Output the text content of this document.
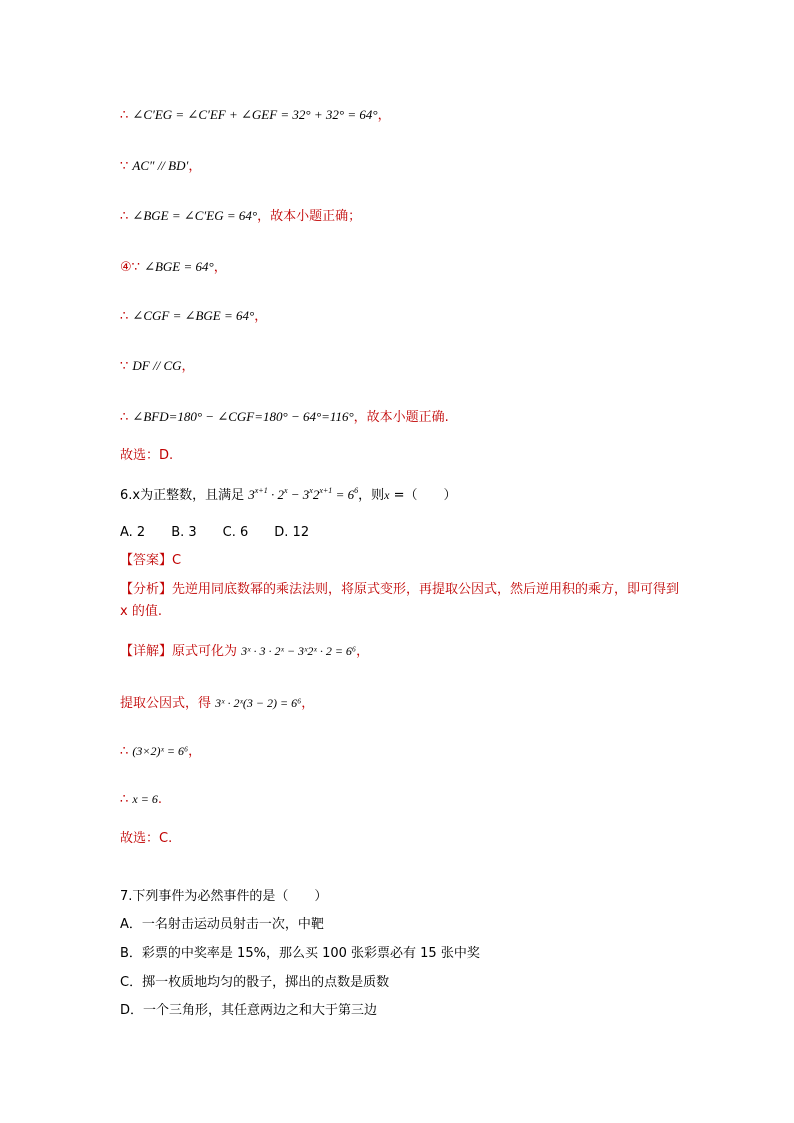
∴ ∠C′EG = ∠C′EF + ∠GEF = 32° + 32° = 64°，
∵ AC″ // BD′，
∴ ∠BGE = ∠C′EG = 64°，故本小题正确；
④∵ ∠BGE = 64°，
∴ ∠CGF = ∠BGE = 64°，
∵ DF // CG，
∴ ∠BFD=180° − ∠CGF=180° − 64°=116°，故本小题正确.
故选：D.
6.x为正整数，且满足 $3^{x+1} \cdot 2^x - 3^x2^{x+1} = 6^6$，则x =（　　）
A. 2　　B. 3　　C. 6　　D. 12
【答案】C
【分析】先逆用同底数幂的乘法法则，将原式变形，再提取公因式，然后逆用积的乘方，即可得到 x 的值.
【详解】原式可化为 3ˣ · 3 · 2ˣ − 3ˣ2ˣ · 2 = 6⁶，
提取公因式，得 3ˣ · 2ˣ(3 − 2) = 6⁶，
∴ (3×2)ˣ = 6⁶，
∴ x = 6.
故选：C.
7.下列事件为必然事件的是（　　）
A．一名射击运动员射击一次，中靶
B．彩票的中奖率是 15%，那么买 100 张彩票必有 15 张中奖
C．掷一枚质地均匀的骰子，掷出的点数是质数
D．一个三角形，其任意两边之和大于第三边
